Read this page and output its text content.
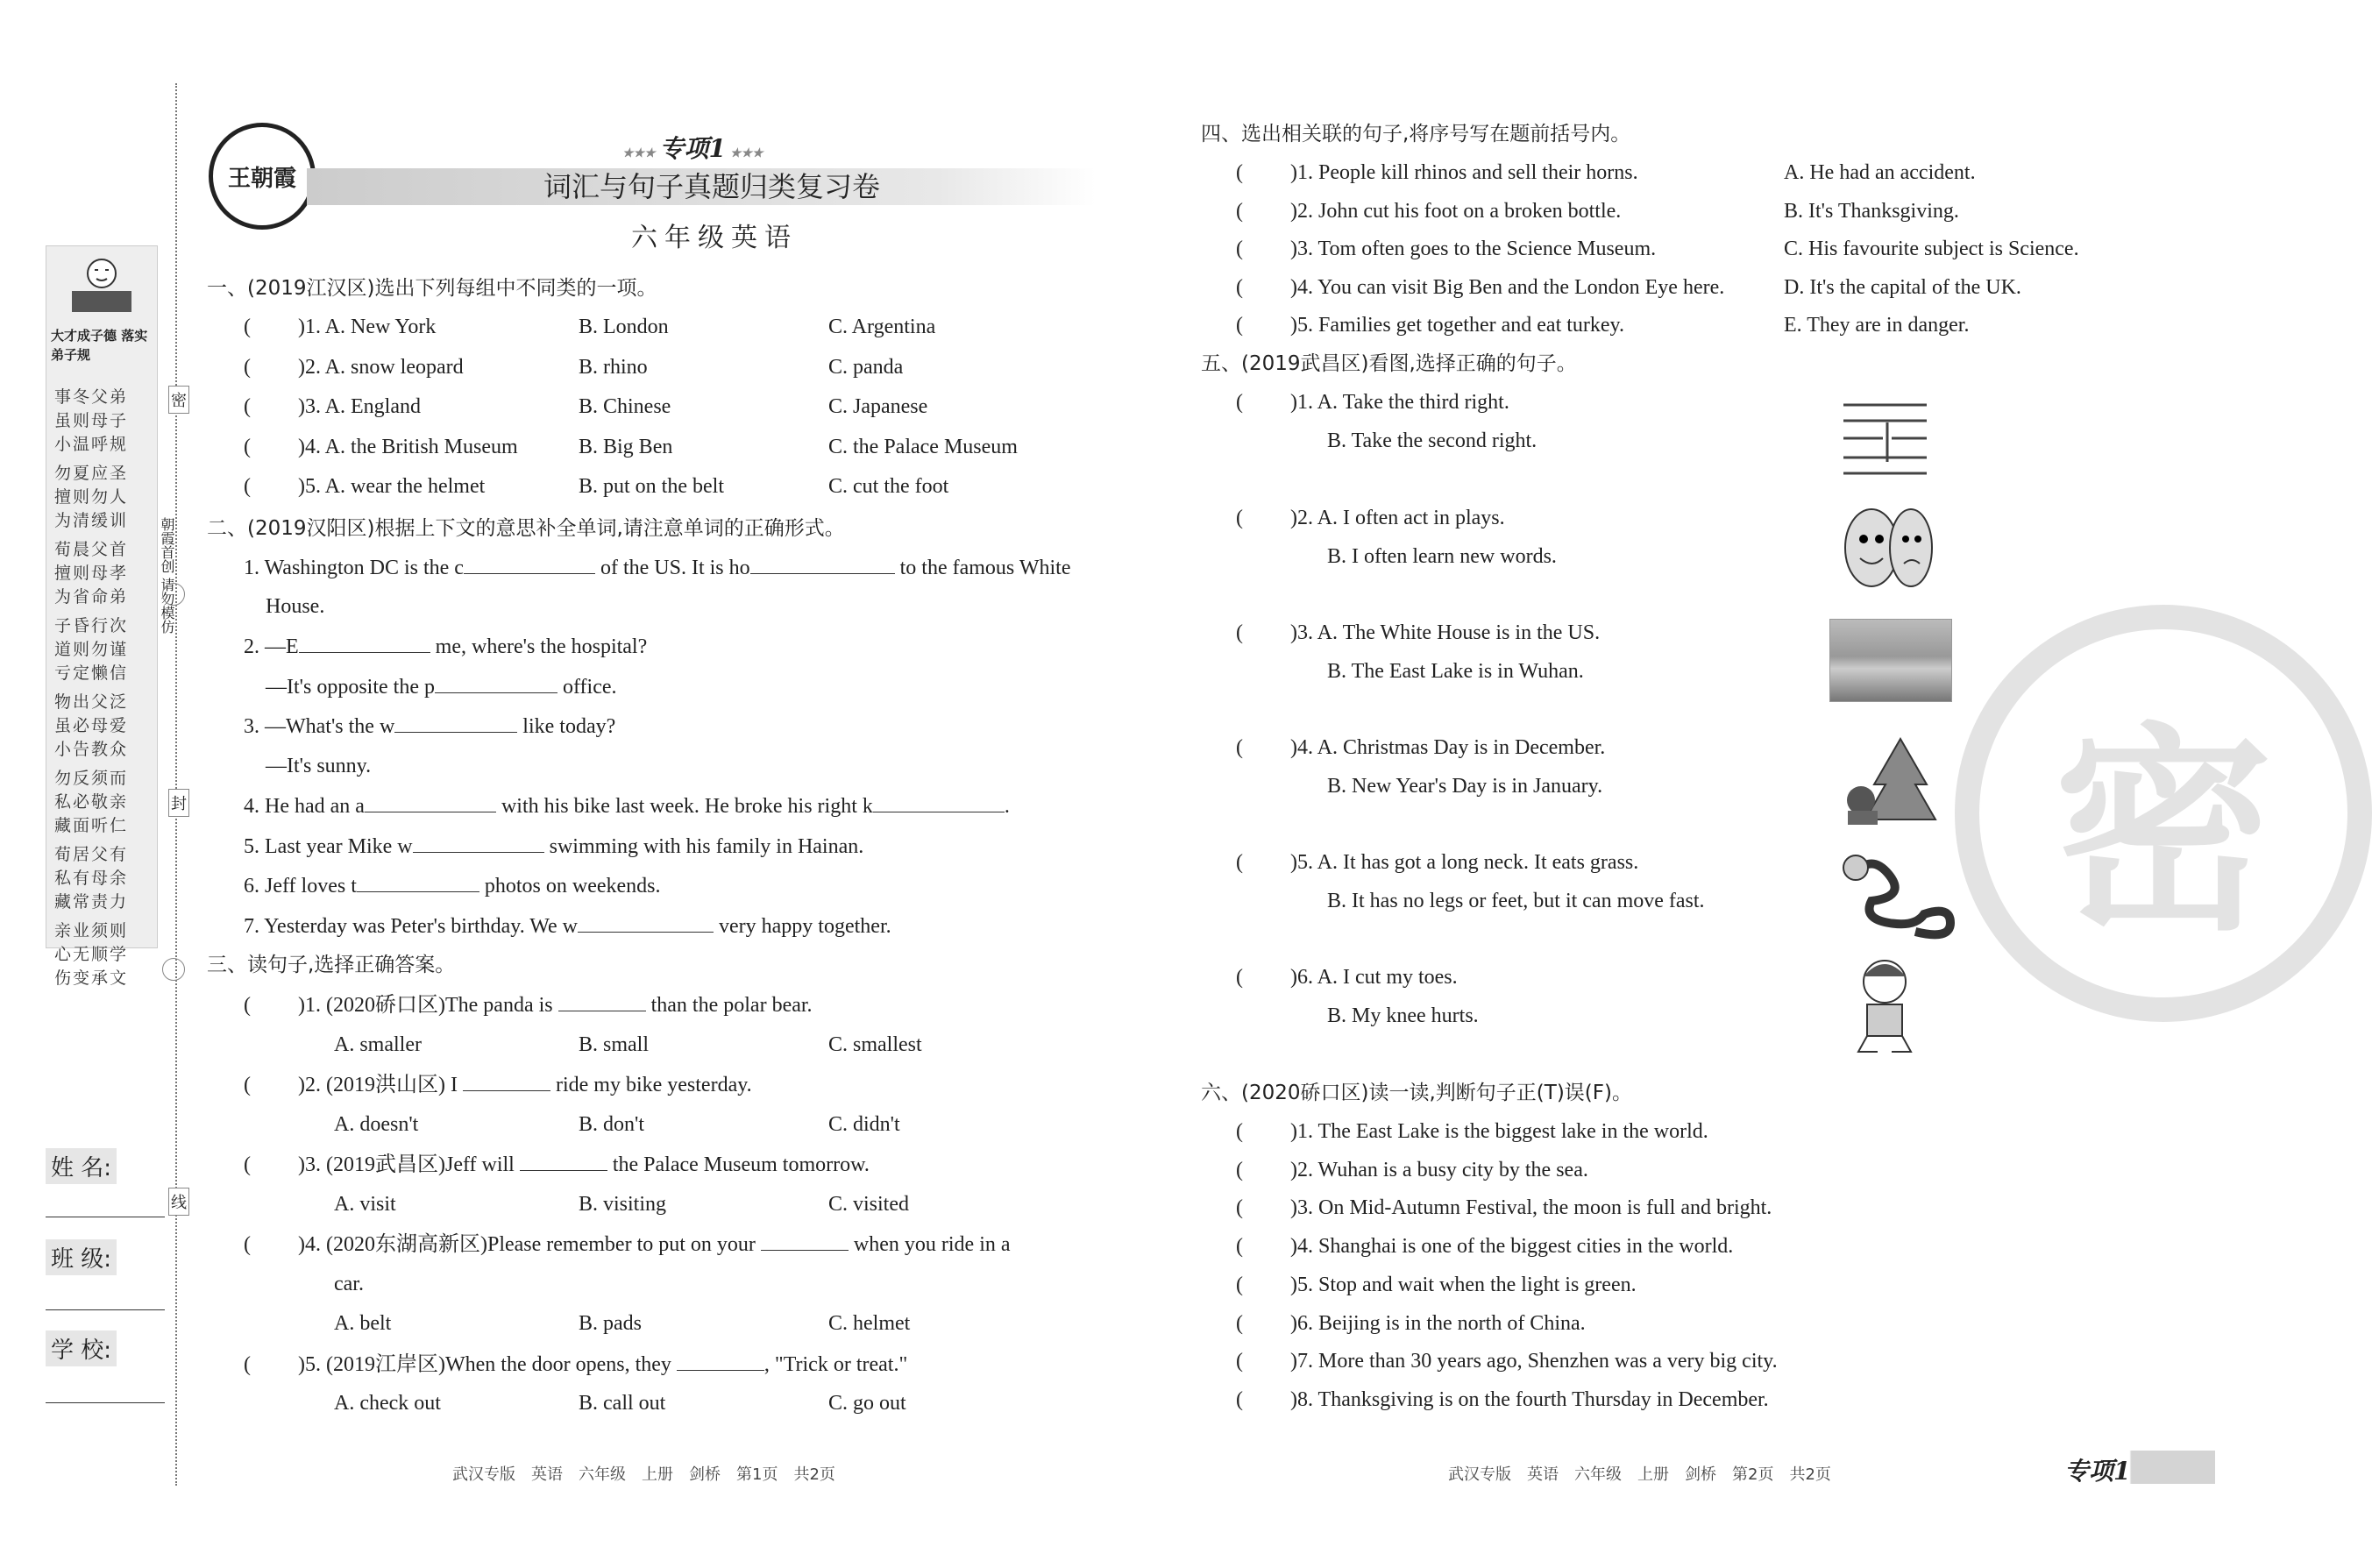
大才成子德 落实弟子规
事冬父弟
虽则母子
小温呼规
勿夏应圣
擅则勿人
为清缓训
荀晨父首
擅则母孝
为省命弟
子昏行次
道则勿谨
亏定懒信
物出父泛
虽必母爱
小告教众
勿反须而
私必敬亲
藏面听仁
荀居父有
私有母余
藏常责力
亲业须则
心无顺学
伤变承文
密
朝霞首创 请勿模仿
封
线
姓 名:
班 级:
学 校:
王朝霞
★★★ 专项1 ★★★
词汇与句子真题归类复习卷
六年级英语
一、(2019江汉区)选出下列每组中不同类的一项。
( )1. A. New York	B. London	C. Argentina
( )2. A. snow leopard	B. rhino	C. panda
( )3. A. England	B. Chinese	C. Japanese
( )4. A. the British Museum	B. Big Ben	C. the Palace Museum
( )5. A. wear the helmet	B. put on the belt	C. cut the foot
二、(2019汉阳区)根据上下文的意思补全单词,请注意单词的正确形式。
1. Washington DC is the c	of the US. It is ho	to the famous White
House.
2. —E	me, where's the hospital?
—It's opposite the p	office.
3. —What's the w	like today?
—It's sunny.
4. He had an a	with his bike last week. He broke his right k	.
5. Last year Mike w	swimming with his family in Hainan.
6. Jeff loves t	photos on weekends.
7. Yesterday was Peter's birthday. We w	very happy together.
三、读句子,选择正确答案。
( )1. (2020硚口区)The panda is	than the polar bear.
A. smaller	B. small	C. smallest
( )2. (2019洪山区) I	ride my bike yesterday.
A. doesn't	B. don't	C. didn't
( )3. (2019武昌区)Jeff will	the Palace Museum tomorrow.
A. visit	B. visiting	C. visited
( )4. (2020东湖高新区)Please remember to put on your	when you ride in a
car.
A. belt	B. pads	C. helmet
( )5. (2019江岸区)When the door opens, they	, "Trick or treat."
A. check out	B. call out	C. go out
密
四、选出相关联的句子,将序号写在题前括号内。
( )1. People kill rhinos and sell their horns.	A. He had an accident.
( )2. John cut his foot on a broken bottle.	B. It's Thanksgiving.
( )3. Tom often goes to the Science Museum.	C. His favourite subject is Science.
( )4. You can visit Big Ben and the London Eye here.	D. It's the capital of the UK.
( )5. Families get together and eat turkey.	E. They are in danger.
五、(2019武昌区)看图,选择正确的句子。
( )1. A. Take the third right.
B. Take the second right.
( )2. A. I often act in plays.
B. I often learn new words.
( )3. A. The White House is in the US.
B. The East Lake is in Wuhan.
( )4. A. Christmas Day is in December.
B. New Year's Day is in January.
( )5. A. It has got a long neck. It eats grass.
B. It has no legs or feet, but it can move fast.
( )6. A. I cut my toes.
B. My knee hurts.
六、(2020硚口区)读一读,判断句子正(T)误(F)。
( )1. The East Lake is the biggest lake in the world.
( )2. Wuhan is a busy city by the sea.
( )3. On Mid-Autumn Festival, the moon is full and bright.
( )4. Shanghai is one of the biggest cities in the world.
( )5. Stop and wait when the light is green.
( )6. Beijing is in the north of China.
( )7. More than 30 years ago, Shenzhen was a very big city.
( )8. Thanksgiving is on the fourth Thursday in December.
武汉专版　英语　六年级　上册　剑桥　第1页　共2页	武汉专版　英语　六年级　上册　剑桥　第2页　共2页	专项1
